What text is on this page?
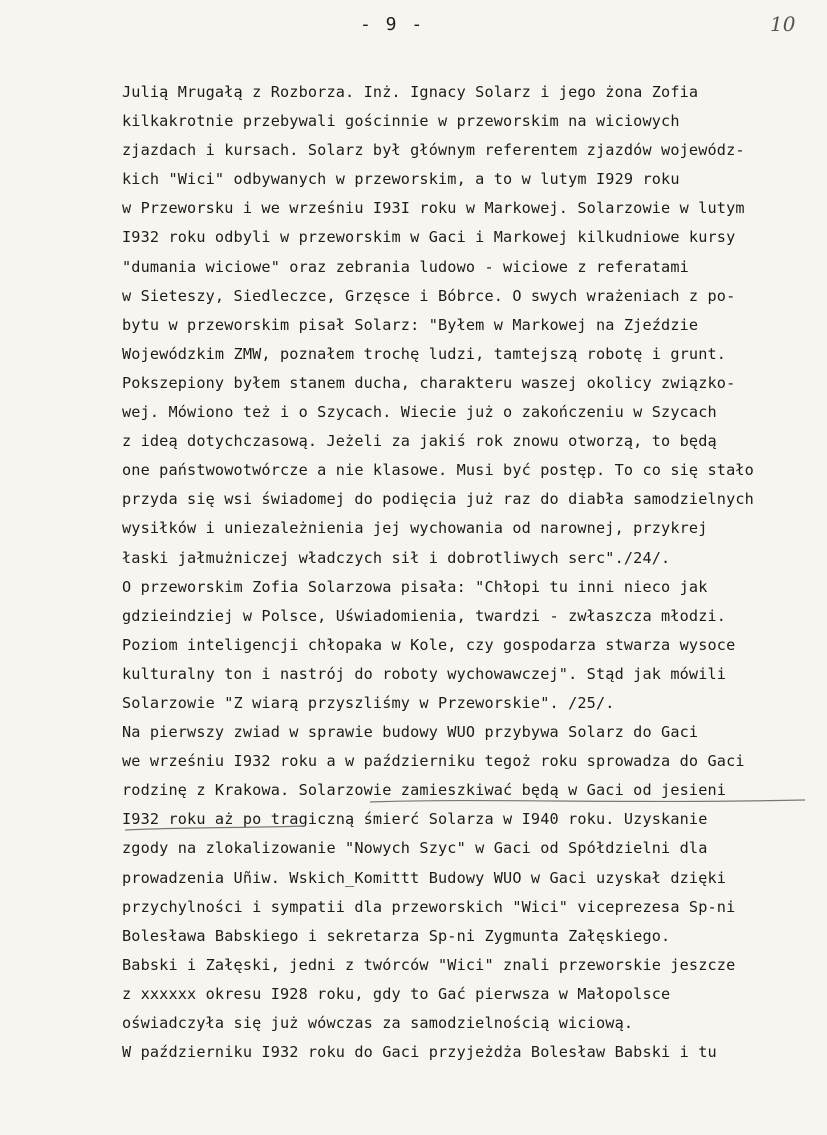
- 9 -	10
Julią Mrugałą z Rozborza. Inż. Ignacy Solarz i jego żona Zofia
kilkakrotnie przebywali gościnnie w przeworskim na wiciowych
zjazdach i kursach. Solarz był głównym referentem zjazdów wojewódz-
kich "Wici" odbywanych w przeworskim, a to w lutym I929 roku
w Przeworsku i we wrześniu I93I roku w Markowej. Solarzowie w lutym
I932 roku odbyli w przeworskim w Gaci i Markowej kilkudniowe kursy
"dumania wiciowe" oraz zebrania ludowo - wiciowe z referatami
w Sieteszy, Siedleczce, Grzęsce i Bóbrce. O swych wrażeniach z po-
bytu w przeworskim pisał Solarz: "Byłem w Markowej na Zjeździe
Wojewódzkim ZMW, poznałem trochę ludzi, tamtejszą robotę i grunt.
Pokszepiony byłem stanem ducha, charakteru waszej okolicy związko-
wej. Mówiono też i o Szycach. Wiecie już o zakończeniu w Szycach
z ideą dotychczasową. Jeżeli za jakiś rok znowu otworzą, to będą
one państwowotwórcze a nie klasowe. Musi być postęp. To co się stało
przyda się wsi świadomej do podięcia już raz do diabła samodzielnych
wysiłków i uniezależnienia jej wychowania od narownej, przykrej
łaski jałmużniczej władczych sił i dobrotliwych serc"./24/.
O przeworskim Zofia Solarzowa pisała: "Chłopi tu inni nieco jak
gdzieindziej w Polsce, Uświadomienia, twardzi - zwłaszcza młodzi.
Poziom inteligencji chłopaka w Kole, czy gospodarza stwarza wysoce
kulturalny ton i nastrój do roboty wychowawczej". Stąd jak mówili
Solarzowie "Z wiarą przyszliśmy w Przeworskie". /25/.
Na pierwszy zwiad w sprawie budowy WUO przybywa Solarz do Gaci
we wrześniu I932 roku a w październiku tegoż roku sprowadza do Gaci
rodzinę z Krakowa. Solarzowie zamieszkiwać będą w Gaci od jesieni
I932 roku aż po tragiczną śmierć Solarza w I940 roku. Uzyskanie
zgody na zlokalizowanie "Nowych Szyc" w Gaci od Spółdzielni dla
prowadzenia Uñiw. Wskich_Komittt Budowy WUO w Gaci uzyskał dzięki
przychylności i sympatii dla przeworskich "Wici" viceprezesa Sp-ni
Bolesława Babskiego i sekretarza Sp-ni Zygmunta Załęskiego.
Babski i Załęski, jedni z twórców "Wici" znali przeworskie jeszcze
z xxxxxx okresu I928 roku, gdy to Gać pierwsza w Małopolsce
oświadczyła się już wówczas za samodzielnością wiciową.
W październiku I932 roku do Gaci przyjeżdża Bolesław Babski i tu
